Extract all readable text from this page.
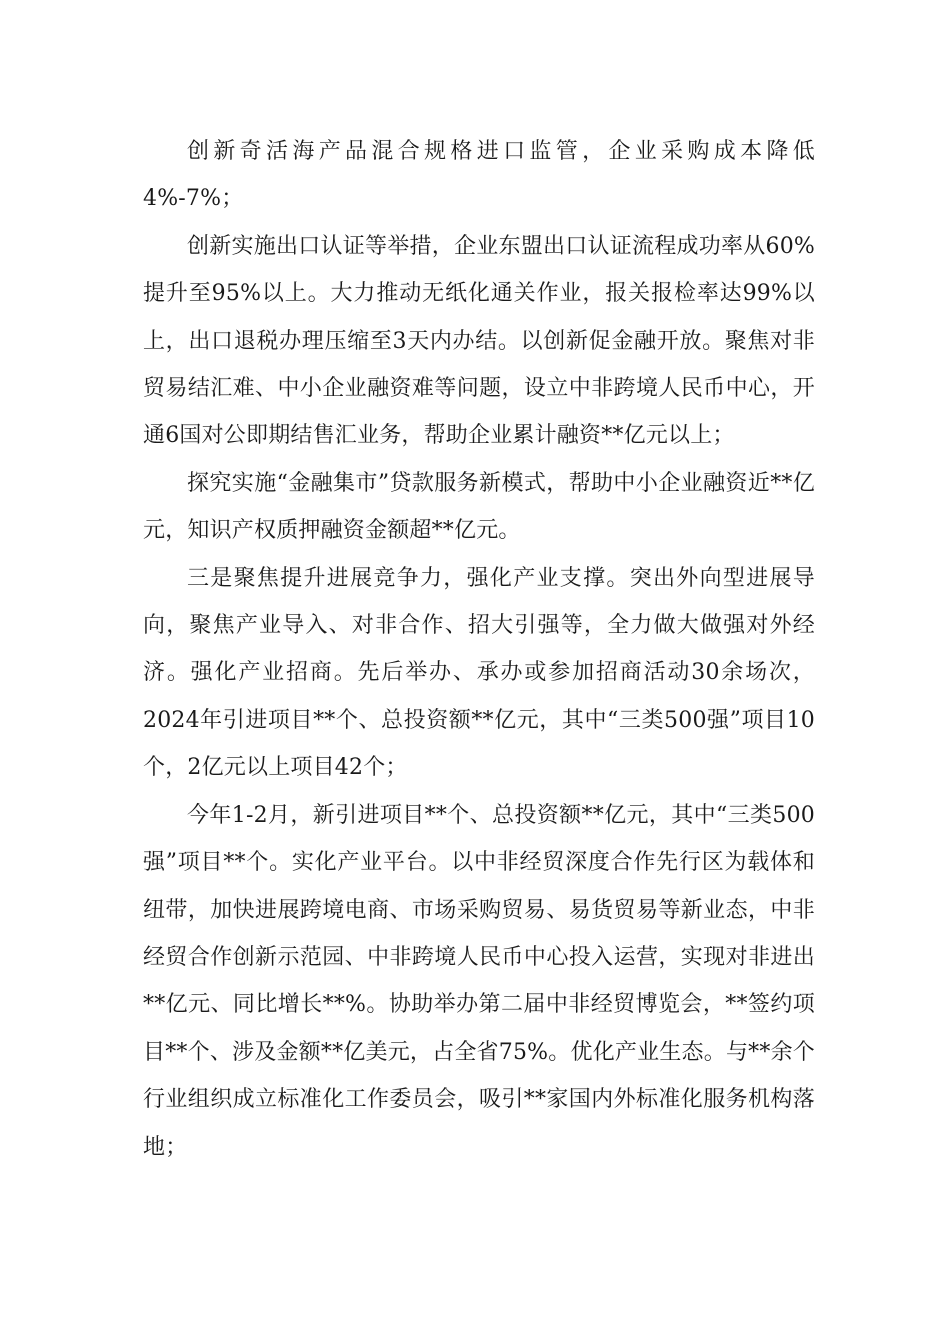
创新奇活海产品混合规格进口监管，企业采购成本降低4%-7%；

创新实施出口认证等举措，企业东盟出口认证流程成功率从60%提升至95%以上。大力推动无纸化通关作业，报关报检率达99%以上，出口退税办理压缩至3天内办结。以创新促金融开放。聚焦对非贸易结汇难、中小企业融资难等问题，设立中非跨境人民币中心，开通6国对公即期结售汇业务，帮助企业累计融资**亿元以上；

探究实施“金融集市”贷款服务新模式，帮助中小企业融资近**亿元，知识产权质押融资金额超**亿元。

三是聚焦提升进展竞争力，强化产业支撑。突出外向型进展导向，聚焦产业导入、对非合作、招大引强等，全力做大做强对外经济。强化产业招商。先后举办、承办或参加招商活动30余场次，2024年引进项目**个、总投资额**亿元，其中“三类500强”项目10个，2亿元以上项目42个；

今年1-2月，新引进项目**个、总投资额**亿元，其中“三类500强”项目**个。实化产业平台。以中非经贸深度合作先行区为载体和纽带，加快进展跨境电商、市场采购贸易、易货贸易等新业态，中非经贸合作创新示范园、中非跨境人民币中心投入运营，实现对非进出**亿元、同比增长**%。协助举办第二届中非经贸博览会，**签约项目**个、涉及金额**亿美元，占全省75%。优化产业生态。与**余个行业组织成立标准化工作委员会，吸引**家国内外标准化服务机构落地；
